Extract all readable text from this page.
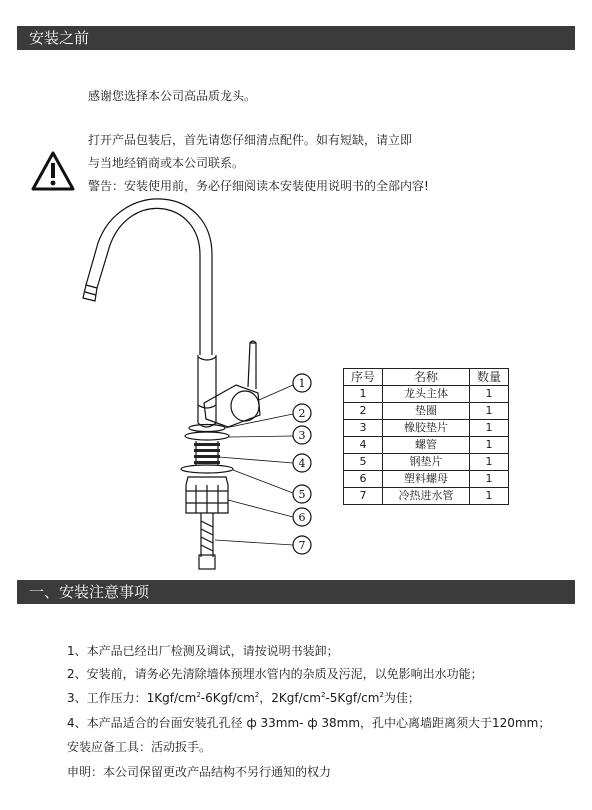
安装之前
感谢您选择本公司高品质龙头。
打开产品包装后，首先请您仔细清点配件。如有短缺，请立即
与当地经销商或本公司联系。
警告：安装使用前，务必仔细阅读本安装使用说明书的全部内容!
1
2
3
4
5
6
7
序号	名称	数量
1	龙头主体	1
2	垫圈	1
3	橡胶垫片	1
4	螺管	1
5	钢垫片	1
6	塑料螺母	1
7	冷热进水管	1
一、安装注意事项
1、本产品已经出厂检测及调试，请按说明书装卸；
2、安装前，请务必先清除墙体预埋水管内的杂质及污泥，以免影响出水功能；
3、工作压力：$1Kgf/cm^2-6Kgf/cm^2$，$2Kgf/cm^2-5Kgf/cm^2$为佳；
4、本产品适合的台面安装孔孔径 ф 33mm- ф 38mm，孔中心离墙距离须大于120mm；
安装应备工具：活动扳手。
申明：本公司保留更改产品结构不另行通知的权力
